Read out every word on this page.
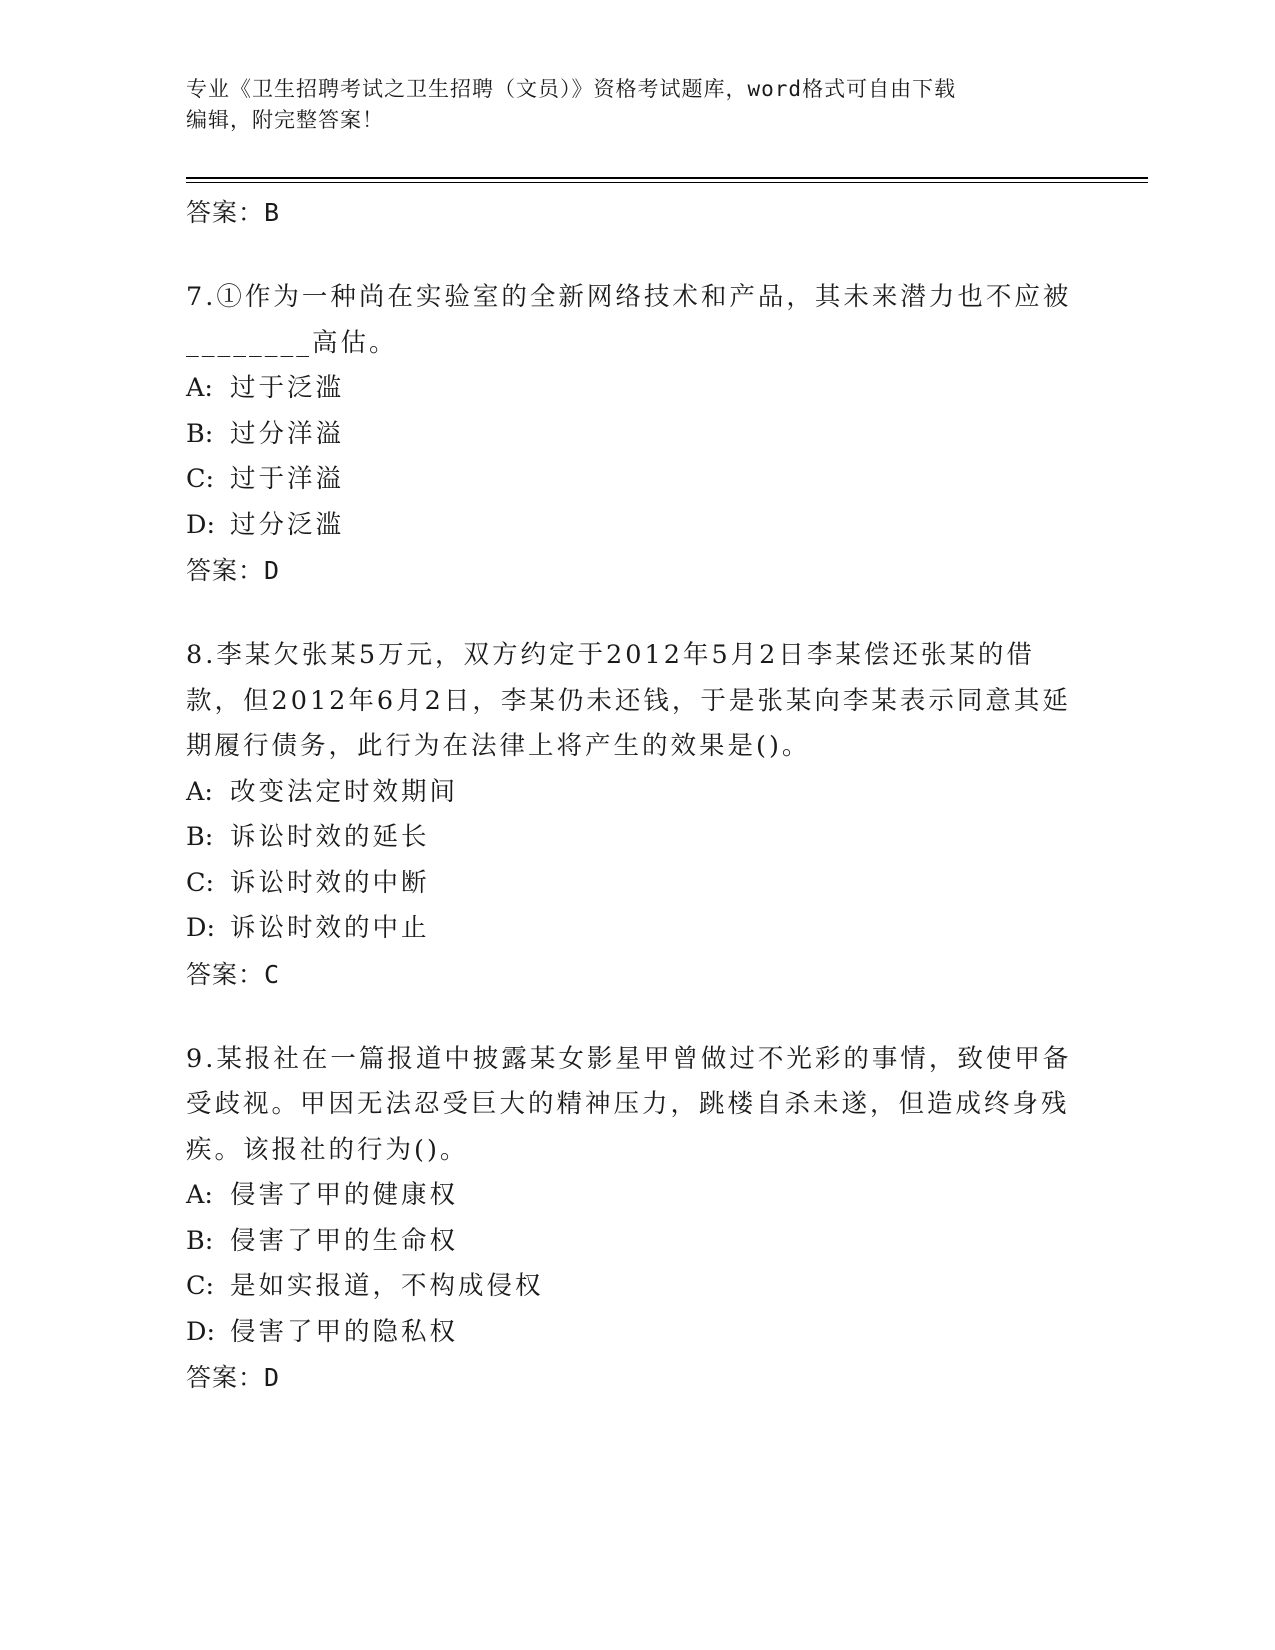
专业《卫生招聘考试之卫生招聘（文员）》资格考试题库，word格式可自由下载
编辑，附完整答案！
答案：B

7.①作为一种尚在实验室的全新网络技术和产品，其未来潜力也不应被________高估。

A: 过于泛滥
B: 过分洋溢
C: 过于洋溢
D: 过分泛滥
答案：D

8.李某欠张某5万元，双方约定于2012年5月2日李某偿还张某的借款，但2012年6月2日，李某仍未还钱，于是张某向李某表示同意其延期履行债务，此行为在法律上将产生的效果是()。

A: 改变法定时效期间
B: 诉讼时效的延长
C: 诉讼时效的中断
D: 诉讼时效的中止
答案：C

9.某报社在一篇报道中披露某女影星甲曾做过不光彩的事情，致使甲备受歧视。甲因无法忍受巨大的精神压力，跳楼自杀未遂，但造成终身残疾。该报社的行为()。

A: 侵害了甲的健康权
B: 侵害了甲的生命权
C: 是如实报道，不构成侵权
D: 侵害了甲的隐私权
答案：D
